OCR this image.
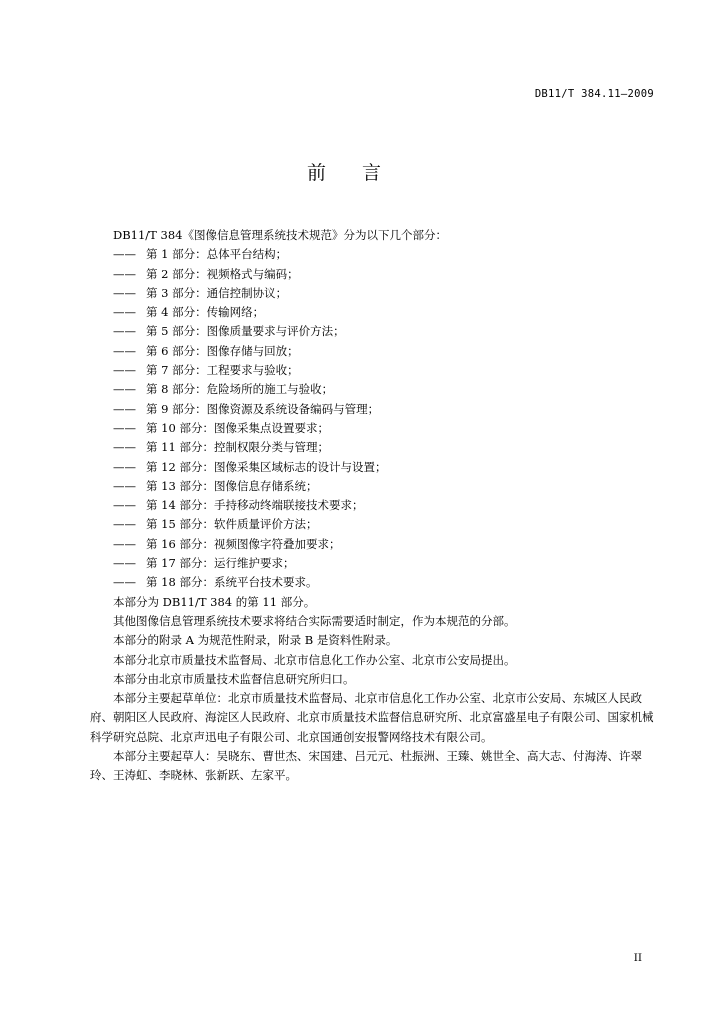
DB11/T 384.11—2009
前言

DB11/T 384《图像信息管理系统技术规范》分为以下几个部分：

—— 第 1 部分：总体平台结构；
—— 第 2 部分：视频格式与编码；
—— 第 3 部分：通信控制协议；
—— 第 4 部分：传输网络；
—— 第 5 部分：图像质量要求与评价方法；
—— 第 6 部分：图像存储与回放；
—— 第 7 部分：工程要求与验收；
—— 第 8 部分：危险场所的施工与验收；
—— 第 9 部分：图像资源及系统设备编码与管理；
—— 第 10 部分：图像采集点设置要求；
—— 第 11 部分：控制权限分类与管理；
—— 第 12 部分：图像采集区域标志的设计与设置；
—— 第 13 部分：图像信息存储系统；
—— 第 14 部分：手持移动终端联接技术要求；
—— 第 15 部分：软件质量评价方法；
—— 第 16 部分：视频图像字符叠加要求；
—— 第 17 部分：运行维护要求；
—— 第 18 部分：系统平台技术要求。

本部分为 DB11/T 384 的第 11 部分。

其他图像信息管理系统技术要求将结合实际需要适时制定，作为本规范的分部。

本部分的附录 A 为规范性附录，附录 B 是资料性附录。

本部分北京市质量技术监督局、北京市信息化工作办公室、北京市公安局提出。

本部分由北京市质量技术监督信息研究所归口。

本部分主要起草单位：北京市质量技术监督局、北京市信息化工作办公室、北京市公安局、东城区人民政府、朝阳区人民政府、海淀区人民政府、北京市质量技术监督信息研究所、北京富盛星电子有限公司、国家机械科学研究总院、北京声迅电子有限公司、北京国通创安报警网络技术有限公司。

本部分主要起草人：吴晓东、曹世杰、宋国建、吕元元、杜振洲、王臻、姚世全、高大志、付海涛、许翠玲、王涛虹、李晓林、张新跃、左家平。

II
